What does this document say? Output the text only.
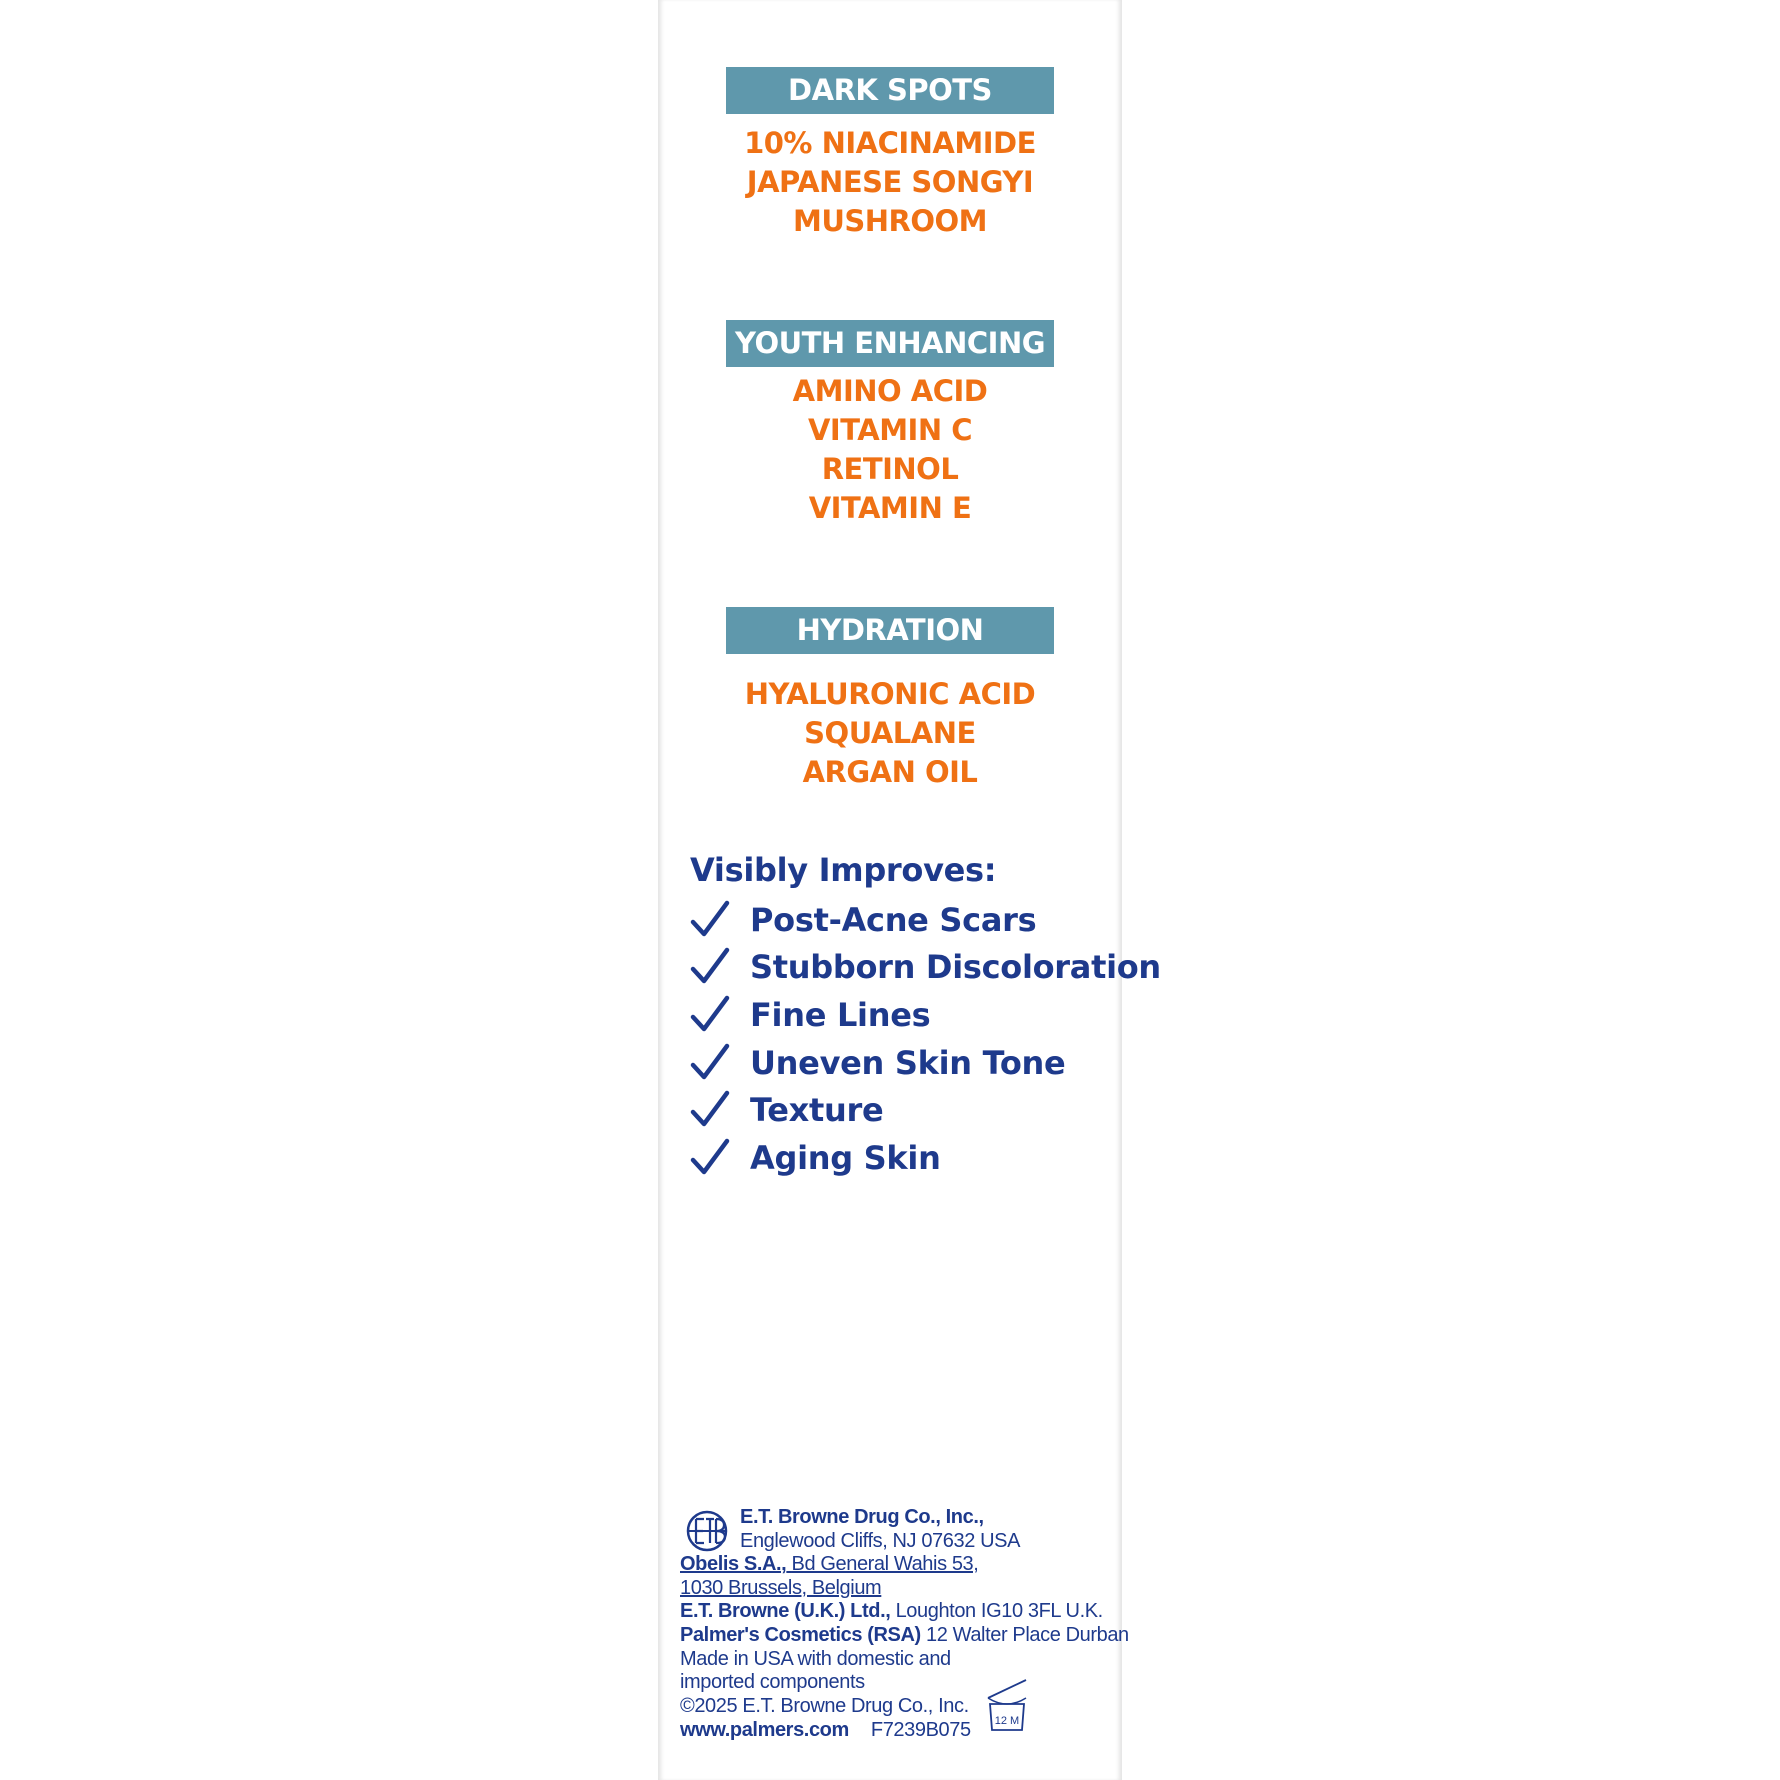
DARK SPOTS
10% NIACINAMIDE
JAPANESE SONGYI
MUSHROOM
YOUTH ENHANCING
AMINO ACID
VITAMIN C
RETINOL
VITAMIN E
HYDRATION
HYALURONIC ACID
SQUALANE
ARGAN OIL
Visibly Improves:
Post-Acne Scars
Stubborn Discoloration
Fine Lines
Uneven Skin Tone
Texture
Aging Skin
E.T. Browne Drug Co., Inc.,
Englewood Cliffs, NJ 07632 USA
Obelis S.A., Bd General Wahis 53,
1030 Brussels, Belgium
E.T. Browne (U.K.) Ltd., Loughton IG10 3FL U.K.
Palmer's Cosmetics (RSA) 12 Walter Place Durban
Made in USA with domestic and
imported components
©2025 E.T. Browne Drug Co., Inc.
www.palmers.com F7239B075 12 M
